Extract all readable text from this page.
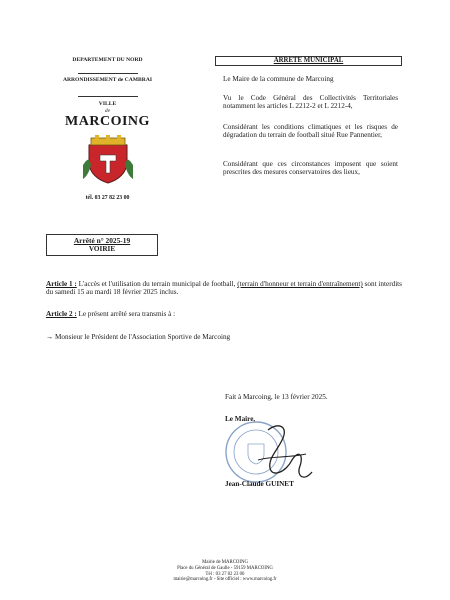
DEPARTEMENT DU NORD
ARRONDISSEMENT de CAMBRAI
VILLE
de
MARCOING
tél. 03 27 82 23 00
ARRETE MUNICIPAL
Le Maire de la commune de Marcoing
Vu le Code Général des Collectivités Territoriales notamment les articles L 2212-2 et L 2212-4,
Considérant les conditions climatiques et les risques de dégradation du terrain de football situé Rue Pannentier,
Considérant que ces circonstances imposent que soient prescrites des mesures conservatoires des lieux,
Arrêté n° 2025-19
VOIRIE
Article 1 : L'accès et l'utilisation du terrain municipal de football, (terrain d'honneur et terrain d'entraînement) sont interdits du samedi 15 au mardi 18 février 2025 inclus.
Article 2 : Le présent arrêté sera transmis à :
→ Monsieur le Président de l'Association Sportive de Marcoing
Fait à Marcoing, le 13 février 2025.
Le Maire,
Jean-Claude GUINET
Mairie de MARCOING
Place du Général de Gaulle - 59159 MARCOING
Tél : 03 27 82 23 00
mairie@marcoing.fr - Site officiel : www.marcoing.fr
